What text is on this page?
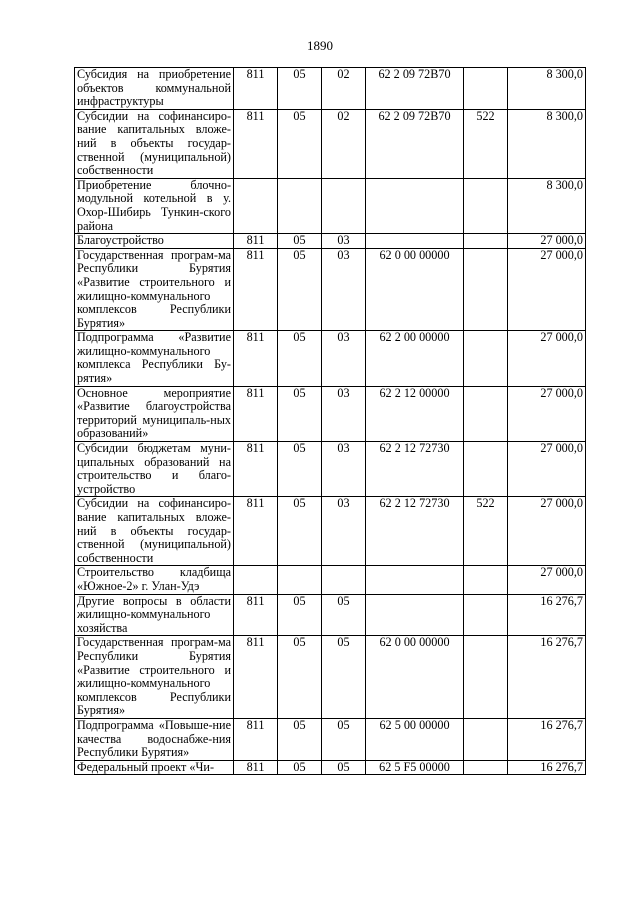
1890
Субсидия на приобретение объектов коммунальной инфраструктуры	811	05	02	62 2 09 72В70		8 300,0
Субсидии на софинансиро-вание капитальных вложе-ний в объекты государ-ственной (муниципальной) собственности	811	05	02	62 2 09 72В70	522	8 300,0
Приобретение блочно-модульной котельной в у. Охор-Шибирь Тункин-ского района						8 300,0
Благоустройство	811	05	03			27 000,0
Государственная програм-ма Республики Бурятия «Развитие строительного и жилищно-коммунального комплексов Республики Бурятия»	811	05	03	62 0 00 00000		27 000,0
Подпрограмма «Развитие жилищно-коммунального комплекса Республики Бу-рятия»	811	05	03	62 2 00 00000		27 000,0
Основное мероприятие «Развитие благоустройства территорий муниципаль-ных образований»	811	05	03	62 2 12 00000		27 000,0
Субсидии бюджетам муни-ципальных образований на строительство и благо-устройство	811	05	03	62 2 12 72730		27 000,0
Субсидии на софинансиро-вание капитальных вложе-ний в объекты государ-ственной (муниципальной) собственности	811	05	03	62 2 12 72730	522	27 000,0
Строительство кладбища «Южное-2» г. Улан-Удэ						27 000,0
Другие вопросы в области жилищно-коммунального хозяйства	811	05	05			16 276,7
Государственная програм-ма Республики Бурятия «Развитие строительного и жилищно-коммунального комплексов Республики Бурятия»	811	05	05	62 0 00 00000		16 276,7
Подпрограмма «Повыше-ние качества водоснабже-ния Республики Бурятия»	811	05	05	62 5 00 00000		16 276,7
Федеральный проект «Чи-	811	05	05	62 5 F5 00000		16 276,7
